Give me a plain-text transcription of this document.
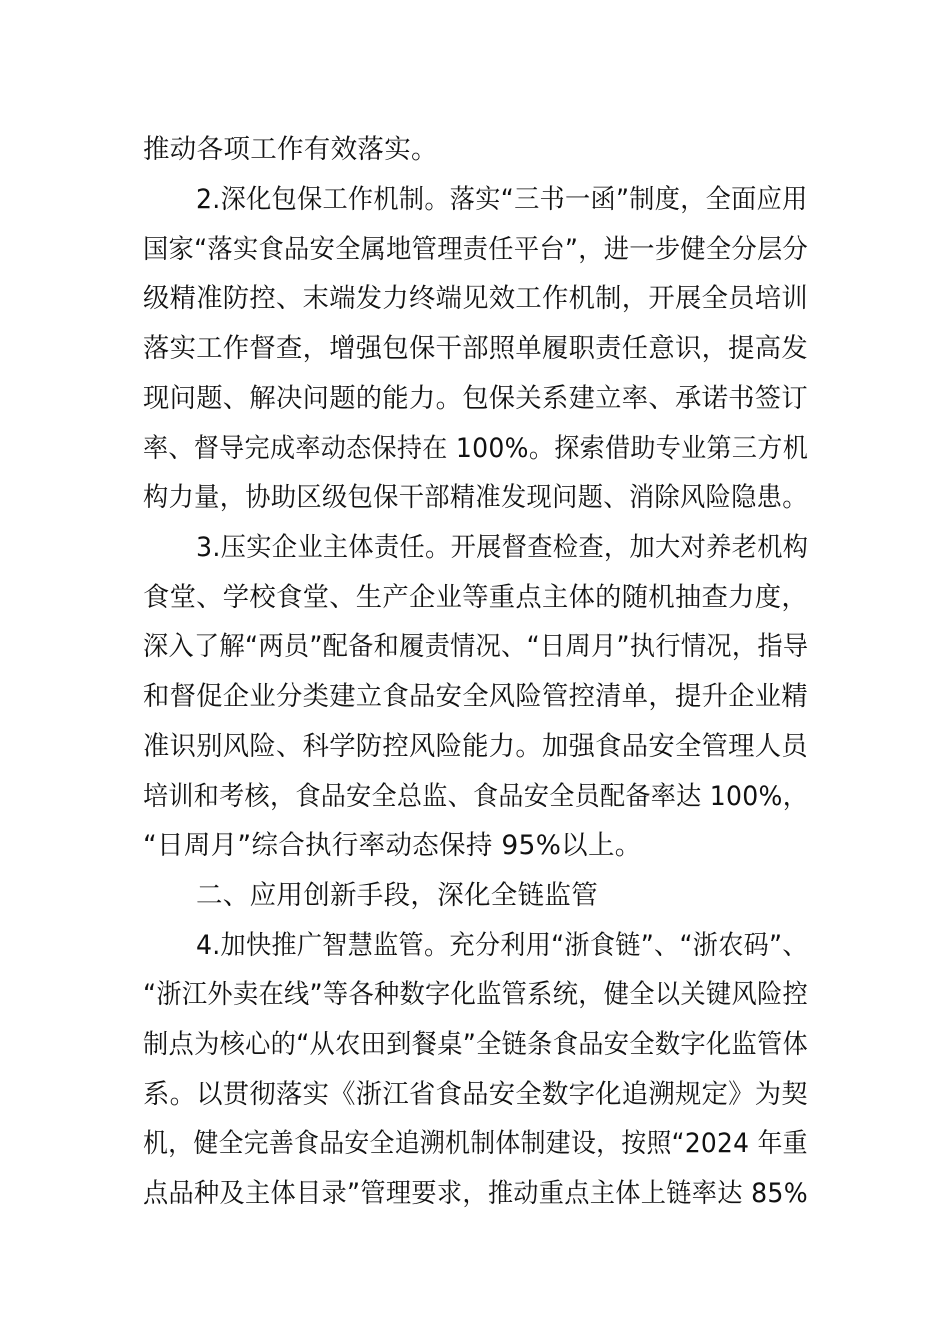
推动各项工作有效落实。
2.深化包保工作机制。落实“三书一函”制度，全面应用
国家“落实食品安全属地管理责任平台”，进一步健全分层分
级精准防控、末端发力终端见效工作机制，开展全员培训
落实工作督查，增强包保干部照单履职责任意识，提高发
现问题、解决问题的能力。包保关系建立率、承诺书签订
率、督导完成率动态保持在 100%。探索借助专业第三方机
构力量，协助区级包保干部精准发现问题、消除风险隐患。
3.压实企业主体责任。开展督查检查，加大对养老机构
食堂、学校食堂、生产企业等重点主体的随机抽查力度，
深入了解“两员”配备和履责情况、“日周月”执行情况，指导
和督促企业分类建立食品安全风险管控清单，提升企业精
准识别风险、科学防控风险能力。加强食品安全管理人员
培训和考核，食品安全总监、食品安全员配备率达 100%，
“日周月”综合执行率动态保持 95%以上。
二、应用创新手段，深化全链监管
4.加快推广智慧监管。充分利用“浙食链”、“浙农码”、
“浙江外卖在线”等各种数字化监管系统，健全以关键风险控
制点为核心的“从农田到餐桌”全链条食品安全数字化监管体
系。以贯彻落实《浙江省食品安全数字化追溯规定》为契
机，健全完善食品安全追溯机制体制建设，按照“2024 年重
点品种及主体目录”管理要求，推动重点主体上链率达 85%
